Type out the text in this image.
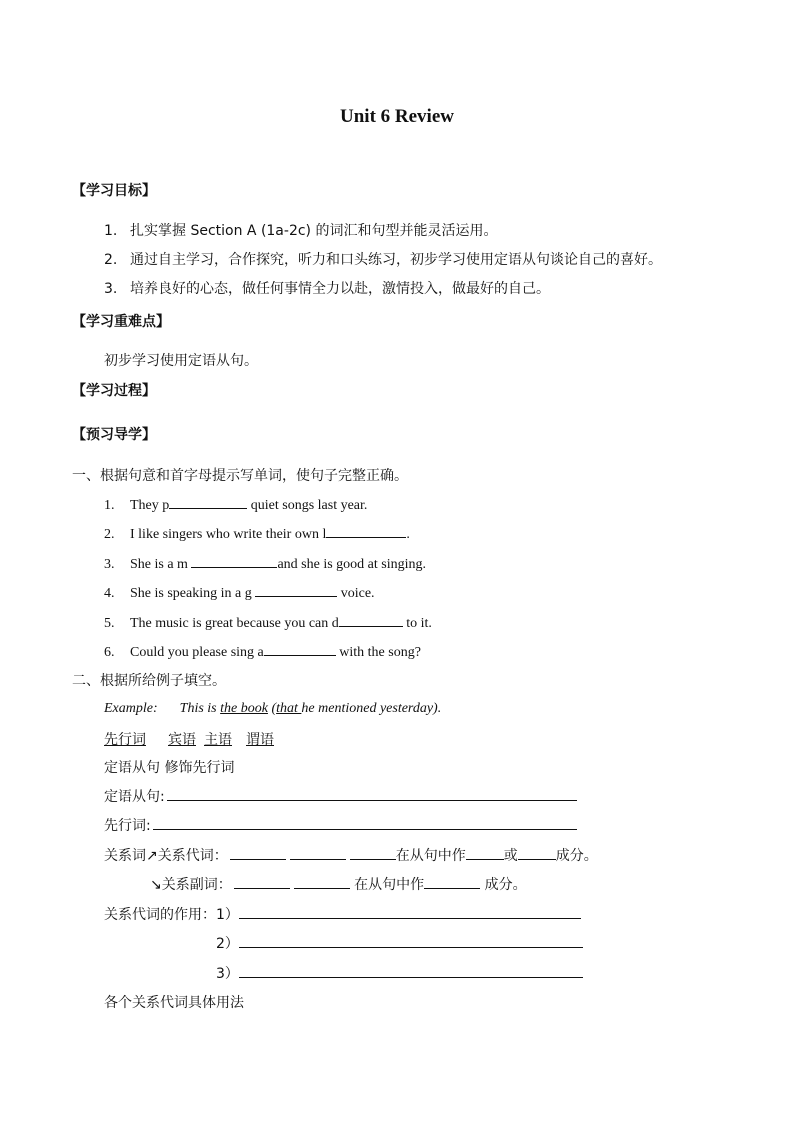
Unit 6 Review
【学习目标】
1. 扎实掌握 Section A (1a-2c) 的词汇和句型并能灵活运用。
2. 通过自主学习，合作探究，听力和口头练习，初步学习使用定语从句谈论自己的喜好。
3. 培养良好的心态，做任何事情全力以赴，激情投入，做最好的自己。
【学习重难点】
初步学习使用定语从句。
【学习过程】
【预习导学】
一、根据句意和首字母提示写单词，使句子完整正确。
1. They p	quiet songs last year.
2. I like singers who write their own l	.
3. She is a m	and she is good at singing.
4. She is speaking in a g	voice.
5. The music is great because you can d	to it.
6. Could you please sing a	with the song?
二、根据所给例子填空。
Example: This is the book (that he mentioned yesterday).
先行词 宾语 主语 谓语
定语从句 修饰先行词
定语从句:
先行词:
关系词↗关系代词：	在从句中作	或	成分。
↘关系副词：	在从句中作	成分。
关系代词的作用：1）
2）
3）
各个关系代词具体用法
